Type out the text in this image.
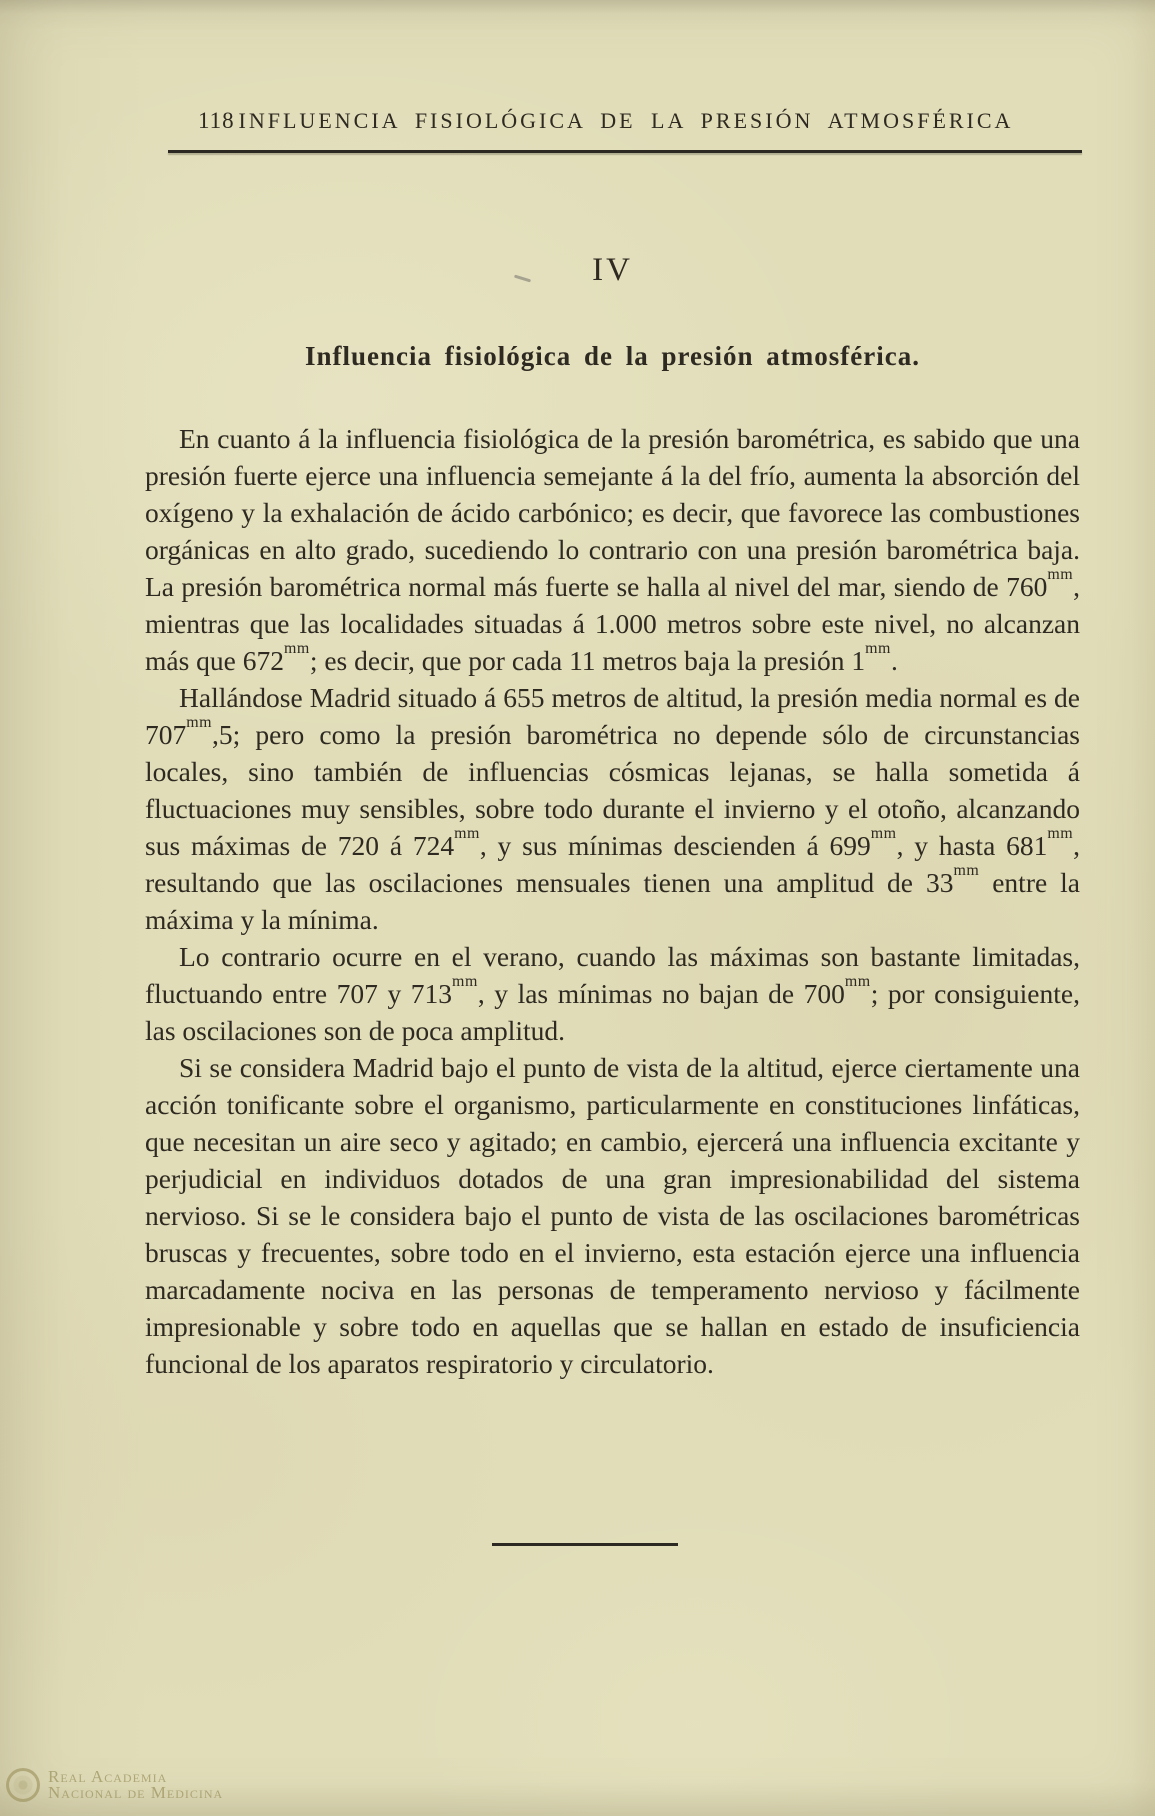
118 INFLUENCIA FISIOLÓGICA DE LA PRESIÓN ATMOSFÉRICA
IV
Influencia fisiológica de la presión atmosférica.

En cuanto á la influencia fisiológica de la presión barométrica, es sabido que una presión fuerte ejerce una influencia semejante á la del frío, aumenta la absorción del oxígeno y la exhalación de ácido carbónico; es decir, que favorece las combustiones orgánicas en alto grado, sucediendo lo contrario con una presión barométrica baja. La presión barométrica normal más fuerte se halla al nivel del mar, siendo de $760^{mm}$, mientras que las localidades situadas á 1.000 metros sobre este nivel, no alcanzan más que $672^{mm}$; es decir, que por cada 11 metros baja la presión $1^{mm}$.

Hallándose Madrid situado á 655 metros de altitud, la presión media normal es de $707^{mm},5$; pero como la presión barométrica no depende sólo de circunstancias locales, sino también de influencias cósmicas lejanas, se halla sometida á fluctuaciones muy sensibles, sobre todo durante el invierno y el otoño, alcanzando sus máximas de 720 á $724^{mm}$, y sus mínimas descienden á $699^{mm}$, y hasta $681^{mm}$, resultando que las oscilaciones mensuales tienen una amplitud de $33^{mm}$ entre la máxima y la mínima.

Lo contrario ocurre en el verano, cuando las máximas son bastante limitadas, fluctuando entre 707 y $713^{mm}$, y las mínimas no bajan de $700^{mm}$; por consiguiente, las oscilaciones son de poca amplitud.

Si se considera Madrid bajo el punto de vista de la altitud, ejerce ciertamente una acción tonificante sobre el organismo, particularmente en constituciones linfáticas, que necesitan un aire seco y agitado; en cambio, ejercerá una influencia excitante y perjudicial en individuos dotados de una gran impresionabilidad del sistema nervioso. Si se le considera bajo el punto de vista de las oscilaciones barométricas bruscas y frecuentes, sobre todo en el invierno, esta estación ejerce una influencia marcadamente nociva en las personas de temperamento nervioso y fácilmente impresionable y sobre todo en aquellas que se hallan en estado de insuficiencia funcional de los aparatos respiratorio y circulatorio.

Real Academia
Nacional de Medicina
